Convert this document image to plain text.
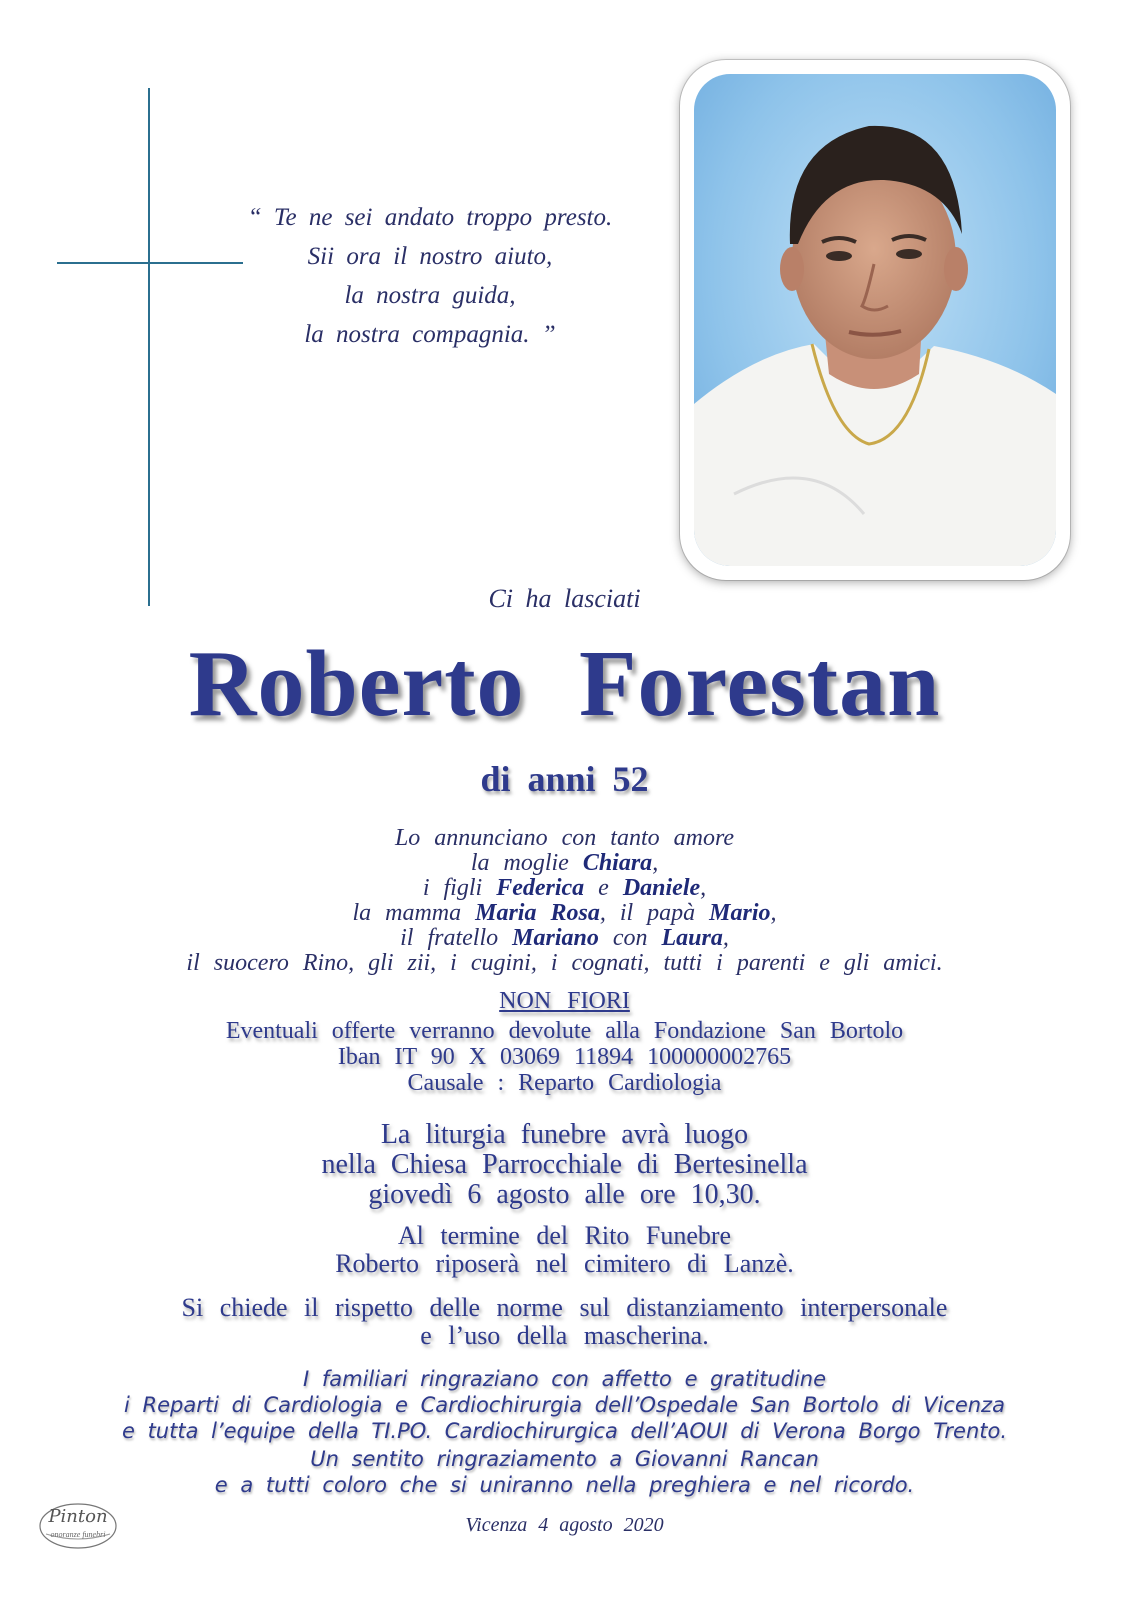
“ Te ne sei andato troppo presto.
Sii ora il nostro aiuto,
la nostra guida,
la nostra compagnia. ”
Ci ha lasciati
Roberto Forestan
di anni 52
Lo annunciano con tanto amore
la moglie Chiara,
i figli Federica e Daniele,
la mamma Maria Rosa, il papà Mario,
il fratello Mariano con Laura,
il suocero Rino, gli zii, i cugini, i cognati, tutti i parenti e gli amici.
NON FIORI
Eventuali offerte verranno devolute alla Fondazione San Bortolo
Iban IT 90 X 03069 11894 100000002765
Causale : Reparto Cardiologia
La liturgia funebre avrà luogo
nella Chiesa Parrocchiale di Bertesinella
giovedì 6 agosto alle ore 10,30.
Al termine del Rito Funebre
Roberto riposerà nel cimitero di Lanzè.
Si chiede il rispetto delle norme sul distanziamento interpersonale
e l’uso della mascherina.
I familiari ringraziano con affetto e gratitudine
i Reparti di Cardiologia e Cardiochirurgia dell’Ospedale San Bortolo di Vicenza
e tutta l’equipe della TI.PO. Cardiochirurgica dell’AOUI di Verona Borgo Trento.
Un sentito ringraziamento a Giovanni Rancan
e a tutti coloro che si uniranno nella preghiera e nel ricordo.
Pinton
onoranze funebri	Vicenza 4 agosto 2020
